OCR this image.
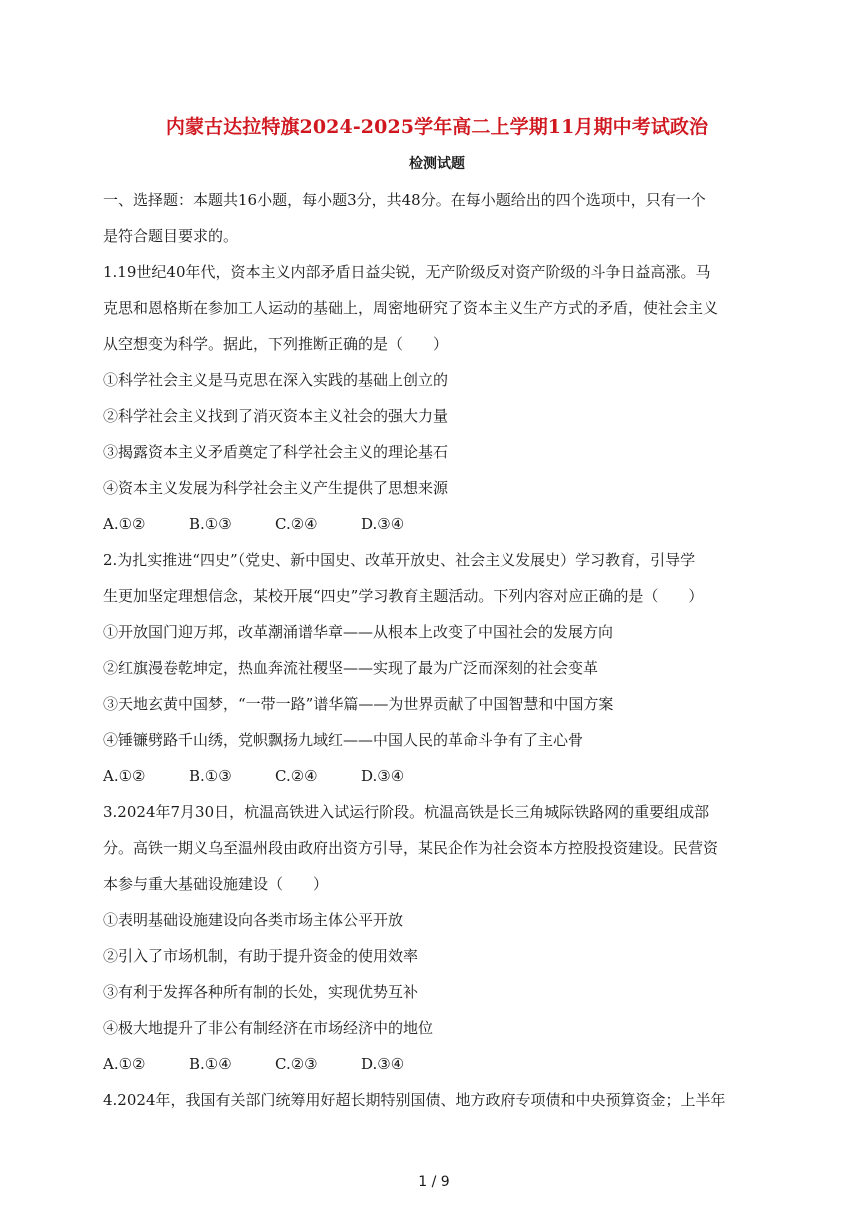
内蒙古达拉特旗2024-2025学年高二上学期11月期中考试政治
检测试题

一、选择题：本题共16小题，每小题3分，共48分。在每小题给出的四个选项中，只有一个

是符合题目要求的。

1.19世纪40年代，资本主义内部矛盾日益尖锐，无产阶级反对资产阶级的斗争日益高涨。马

克思和恩格斯在参加工人运动的基础上，周密地研究了资本主义生产方式的矛盾，使社会主义

从空想变为科学。据此，下列推断正确的是（　　）

①科学社会主义是马克思在深入实践的基础上创立的

②科学社会主义找到了消灭资本主义社会的强大力量

③揭露资本主义矛盾奠定了科学社会主义的理论基石

④资本主义发展为科学社会主义产生提供了思想来源

A.①②	B.①③	C.②④	D.③④

2.为扎实推进“四史”（党史、新中国史、改革开放史、社会主义发展史）学习教育，引导学

生更加坚定理想信念，某校开展“四史”学习教育主题活动。下列内容对应正确的是（　　）

①开放国门迎万邦，改革潮涌谱华章——从根本上改变了中国社会的发展方向

②红旗漫卷乾坤定，热血奔流社稷坚——实现了最为广泛而深刻的社会变革

③天地玄黄中国梦，“一带一路”谱华篇——为世界贡献了中国智慧和中国方案

④锤镰劈路千山绣，党帜飘扬九域红——中国人民的革命斗争有了主心骨

A.①②	B.①③	C.②④	D.③④

3.2024年7月30日，杭温高铁进入试运行阶段。杭温高铁是长三角城际铁路网的重要组成部

分。高铁一期义乌至温州段由政府出资方引导，某民企作为社会资本方控股投资建设。民营资

本参与重大基础设施建设（　　）

①表明基础设施建设向各类市场主体公平开放

②引入了市场机制，有助于提升资金的使用效率

③有利于发挥各种所有制的长处，实现优势互补

④极大地提升了非公有制经济在市场经济中的地位

A.①②	B.①④	C.②③	D.③④

4.2024年，我国有关部门统筹用好超长期特别国债、地方政府专项债和中央预算资金；上半年

1 / 9
